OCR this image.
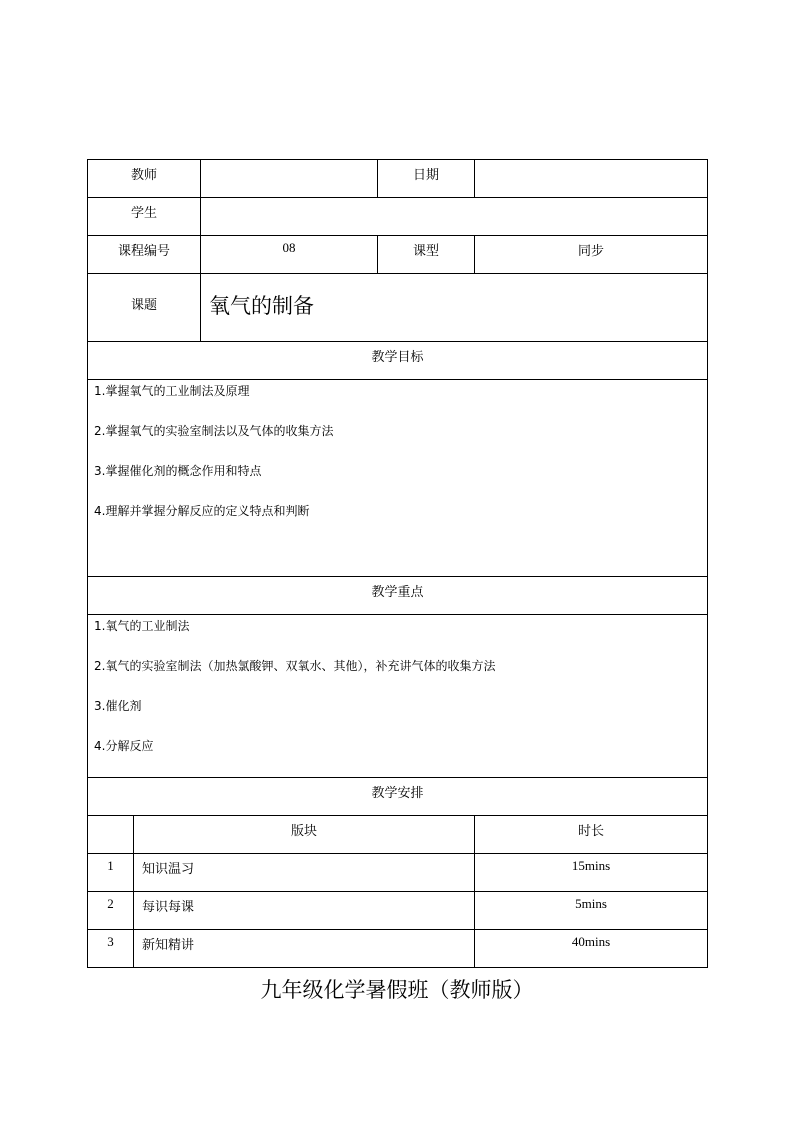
教师			日期	
学生				
课程编号		08	课型	同步
课题		氧气的制备		
教学目标				

1.掌握氧气的工业制法及原理

2.掌握氧气的实验室制法以及气体的收集方法

3.掌握催化剂的概念作用和特点

4.理解并掌握分解反应的定义特点和判断				

教学重点				

1.氧气的工业制法

2.氧气的实验室制法（加热氯酸钾、双氧水、其他），补充讲气体的收集方法

3.催化剂

4.分解反应				

教学安排				
	版块			时长
1	知识温习			15mins
2	每识每课			5mins
3	新知精讲			40mins
九年级化学暑假班（教师版）
